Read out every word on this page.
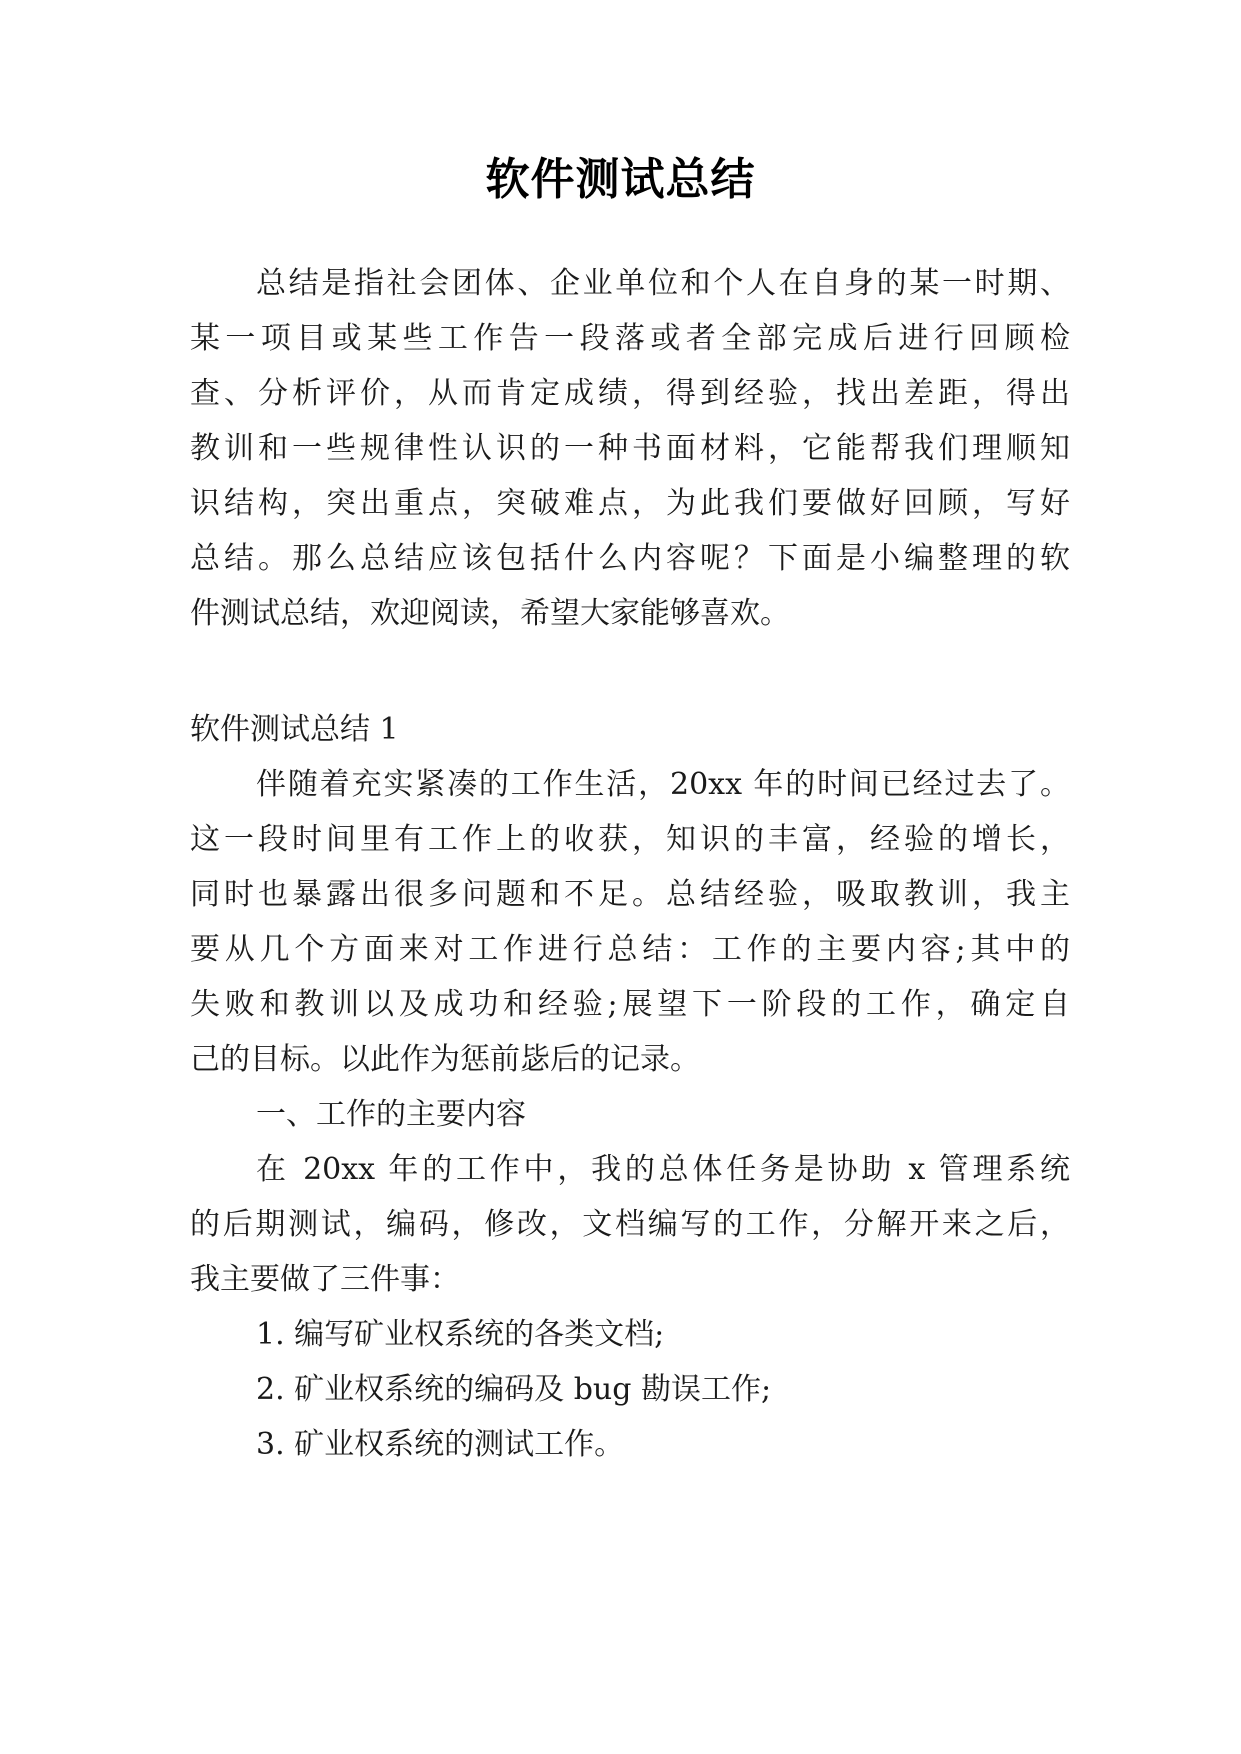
软件测试总结
总结是指社会团体、企业单位和个人在自身的某一时期、
某一项目或某些工作告一段落或者全部完成后进行回顾检
查、分析评价，从而肯定成绩，得到经验，找出差距，得出
教训和一些规律性认识的一种书面材料，它能帮我们理顺知
识结构，突出重点，突破难点，为此我们要做好回顾，写好
总结。那么总结应该包括什么内容呢？下面是小编整理的软
件测试总结，欢迎阅读，希望大家能够喜欢。
软件测试总结 1
伴随着充实紧凑的工作生活，20xx 年的时间已经过去了。
这一段时间里有工作上的收获，知识的丰富，经验的增长，
同时也暴露出很多问题和不足。总结经验，吸取教训，我主
要从几个方面来对工作进行总结：工作的主要内容;其中的
失败和教训以及成功和经验;展望下一阶段的工作，确定自
己的目标。以此作为惩前毖后的记录。
一、工作的主要内容
在 20xx 年的工作中，我的总体任务是协助 x 管理系统
的后期测试，编码，修改，文档编写的工作，分解开来之后，
我主要做了三件事：
1. 编写矿业权系统的各类文档;
2. 矿业权系统的编码及 bug 勘误工作;
3. 矿业权系统的测试工作。
